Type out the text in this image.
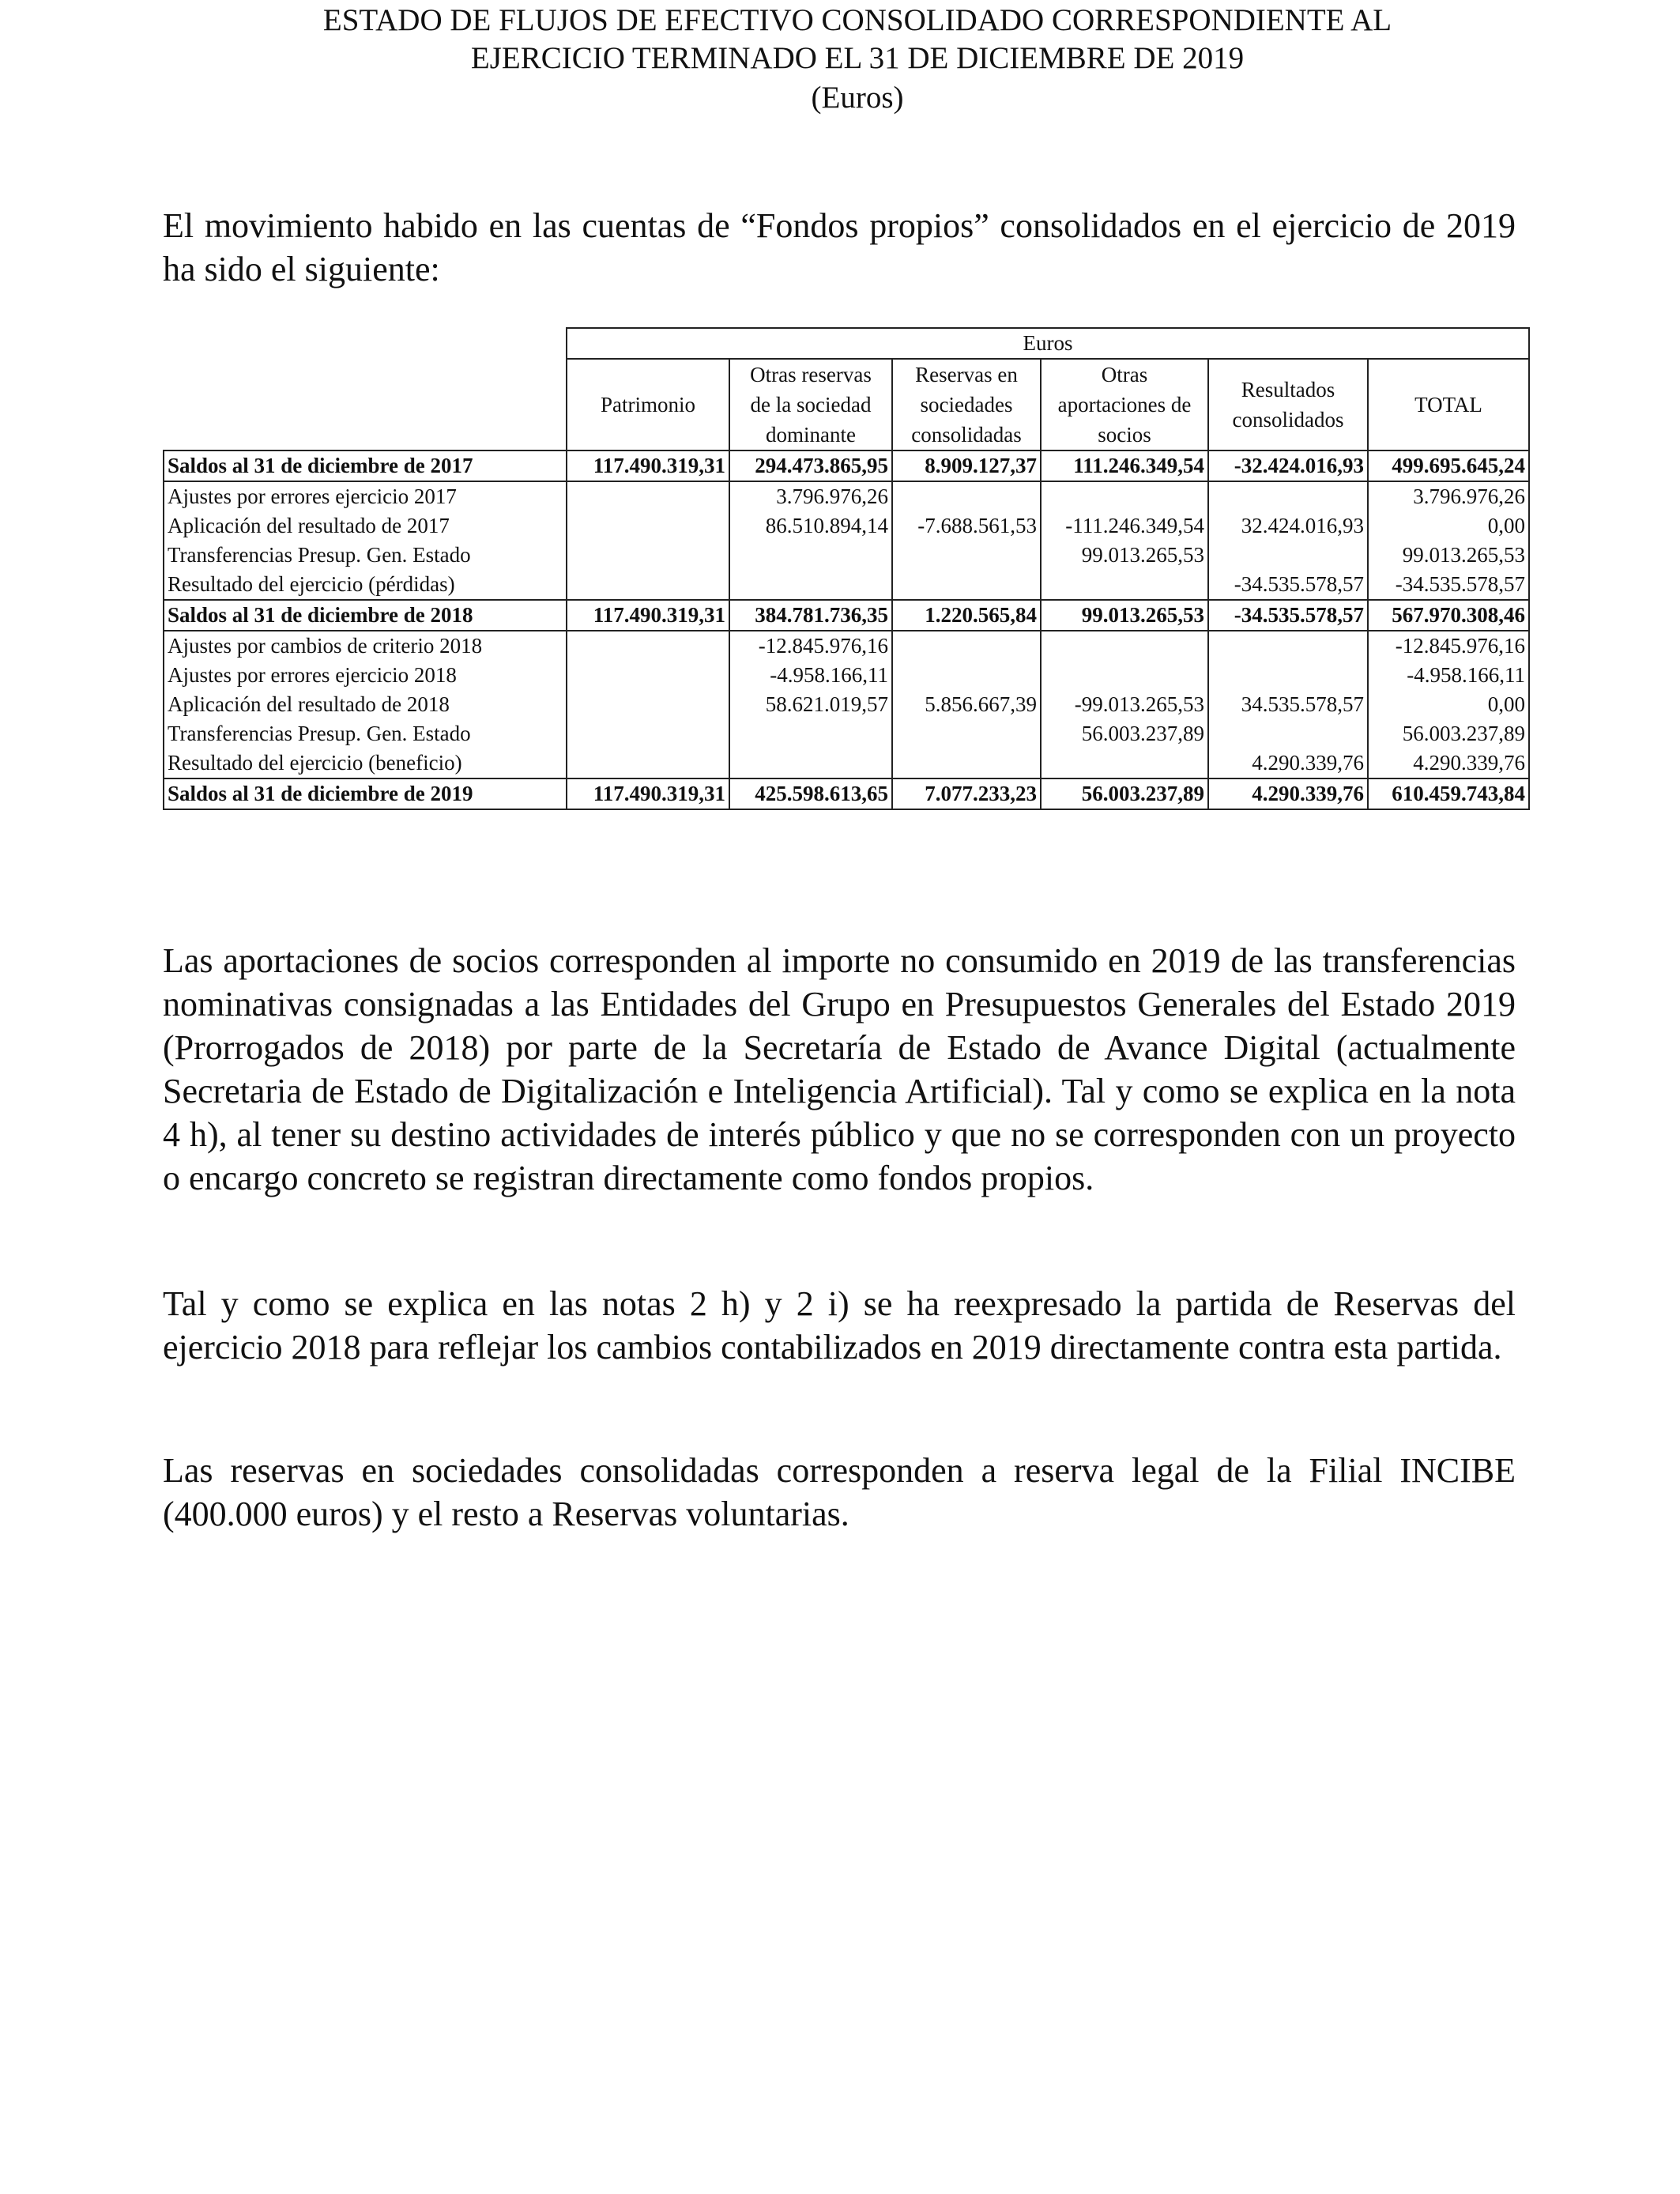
ESTADO DE FLUJOS DE EFECTIVO CONSOLIDADO CORRESPONDIENTE AL
EJERCICIO TERMINADO EL 31 DE DICIEMBRE DE 2019
(Euros)
El movimiento habido en las cuentas de “Fondos propios” consolidados en el ejercicio de 2019 ha sido el siguiente:
	Euros					
	Patrimonio	Otras reservas
de la sociedad
dominante	Reservas en
sociedades
consolidadas	Otras
aportaciones de
socios	Resultados
consolidados	TOTAL
Saldos al 31 de diciembre de 2017	117.490.319,31	294.473.865,95	8.909.127,37	111.246.349,54	-32.424.016,93	499.695.645,24
Ajustes por errores ejercicio 2017		3.796.976,26				3.796.976,26
Aplicación del resultado de 2017		86.510.894,14	-7.688.561,53	-111.246.349,54	32.424.016,93	0,00
Transferencias Presup. Gen. Estado				99.013.265,53		99.013.265,53
Resultado del ejercicio (pérdidas)					-34.535.578,57	-34.535.578,57
Saldos al 31 de diciembre de 2018	117.490.319,31	384.781.736,35	1.220.565,84	99.013.265,53	-34.535.578,57	567.970.308,46
Ajustes por cambios de criterio 2018		-12.845.976,16				-12.845.976,16
Ajustes por errores ejercicio 2018		-4.958.166,11				-4.958.166,11
Aplicación del resultado de 2018		58.621.019,57	5.856.667,39	-99.013.265,53	34.535.578,57	0,00
Transferencias Presup. Gen. Estado				56.003.237,89		56.003.237,89
Resultado del ejercicio (beneficio)					4.290.339,76	4.290.339,76
Saldos al 31 de diciembre de 2019	117.490.319,31	425.598.613,65	7.077.233,23	56.003.237,89	4.290.339,76	610.459.743,84
Las aportaciones de socios corresponden al importe no consumido en 2019 de las transferencias nominativas consignadas a las Entidades del Grupo en Presupuestos Generales del Estado 2019 (Prorrogados de 2018) por parte de la Secretaría de Estado de Avance Digital (actualmente Secretaria de Estado de Digitalización e Inteligencia Artificial). Tal y como se explica en la nota 4 h), al tener su destino actividades de interés público y que no se corresponden con un proyecto o encargo concreto se registran directamente como fondos propios.
Tal y como se explica en las notas 2 h) y 2 i) se ha reexpresado la partida de Reservas del ejercicio 2018 para reflejar los cambios contabilizados en 2019 directamente contra esta partida.
Las reservas en sociedades consolidadas corresponden a reserva legal de la Filial INCIBE (400.000 euros) y el resto a Reservas voluntarias.
